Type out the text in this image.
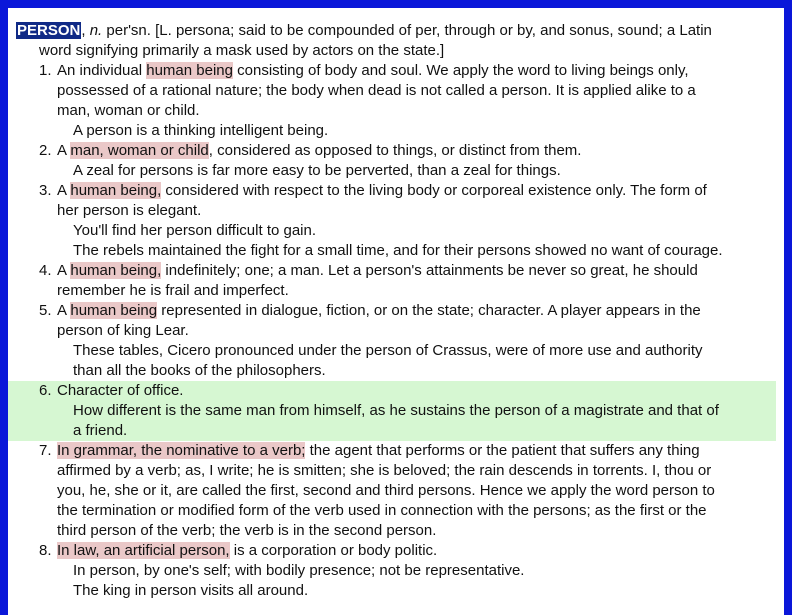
PERSON, n. per'sn. [L. persona; said to be compounded of per, through or by, and sonus, sound; a Latin
word signifying primarily a mask used by actors on the state.]
1. An individual human being consisting of body and soul. We apply the word to living beings only,
possessed of a rational nature; the body when dead is not called a person. It is applied alike to a
man, woman or child.
A person is a thinking intelligent being.
2. A man, woman or child, considered as opposed to things, or distinct from them.
A zeal for persons is far more easy to be perverted, than a zeal for things.
3. A human being, considered with respect to the living body or corporeal existence only. The form of
her person is elegant.
You'll find her person difficult to gain.
The rebels maintained the fight for a small time, and for their persons showed no want of courage.
4. A human being, indefinitely; one; a man. Let a person's attainments be never so great, he should
remember he is frail and imperfect.
5. A human being represented in dialogue, fiction, or on the state; character. A player appears in the
person of king Lear.
These tables, Cicero pronounced under the person of Crassus, were of more use and authority
than all the books of the philosophers.
6. Character of office.
How different is the same man from himself, as he sustains the person of a magistrate and that of
a friend.
7. In grammar, the nominative to a verb; the agent that performs or the patient that suffers any thing
affirmed by a verb; as, I write; he is smitten; she is beloved; the rain descends in torrents. I, thou or
you, he, she or it, are called the first, second and third persons. Hence we apply the word person to
the termination or modified form of the verb used in connection with the persons; as the first or the
third person of the verb; the verb is in the second person.
8. In law, an artificial person, is a corporation or body politic.
In person, by one's self; with bodily presence; not be representative.
The king in person visits all around.
